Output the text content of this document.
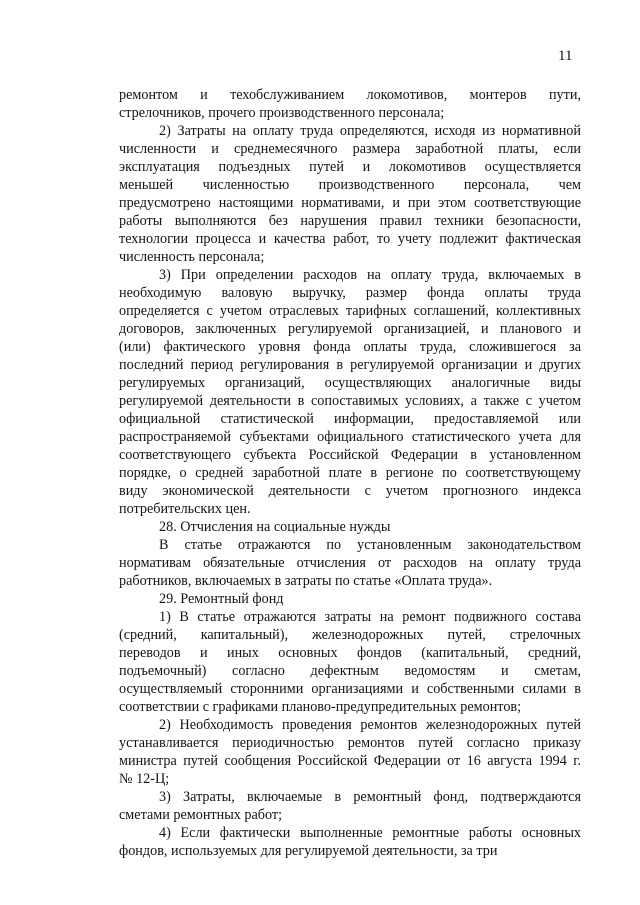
11
ремонтом и техобслуживанием локомотивов, монтеров пути,
стрелочников, прочего производственного персонала;
2) Затраты на оплату труда определяются, исходя из нормативной
численности и среднемесячного размера заработной платы, если
эксплуатация подъездных путей и локомотивов осуществляется
меньшей численностью производственного персонала, чем
предусмотрено настоящими нормативами, и при этом соответствующие
работы выполняются без нарушения правил техники безопасности,
технологии процесса и качества работ, то учету подлежит фактическая
численность персонала;
3) При определении расходов на оплату труда, включаемых в
необходимую валовую выручку, размер фонда оплаты труда
определяется с учетом отраслевых тарифных соглашений, коллективных
договоров, заключенных регулируемой организацией, и планового и
(или) фактического уровня фонда оплаты труда, сложившегося за
последний период регулирования в регулируемой организации и других
регулируемых организаций, осуществляющих аналогичные виды
регулируемой деятельности в сопоставимых условиях, а также с учетом
официальной статистической информации, предоставляемой или
распространяемой субъектами официального статистического учета для
соответствующего субъекта Российской Федерации в установленном
порядке, о средней заработной плате в регионе по соответствующему
виду экономической деятельности с учетом прогнозного индекса
потребительских цен.
28. Отчисления на социальные нужды
В статье отражаются по установленным законодательством
нормативам обязательные отчисления от расходов на оплату труда
работников, включаемых в затраты по статье «Оплата труда».
29. Ремонтный фонд
1) В статье отражаются затраты на ремонт подвижного состава
(средний, капитальный), железнодорожных путей, стрелочных
переводов и иных основных фондов (капитальный, средний,
подъемочный) согласно дефектным ведомостям и сметам,
осуществляемый сторонними организациями и собственными силами в
соответствии с графиками планово-предупредительных ремонтов;
2) Необходимость проведения ремонтов железнодорожных путей
устанавливается периодичностью ремонтов путей согласно приказу
министра путей сообщения Российской Федерации от 16 августа 1994 г.
№ 12-Ц;
3) Затраты, включаемые в ремонтный фонд, подтверждаются
сметами ремонтных работ;
4) Если фактически выполненные ремонтные работы основных
фондов, используемых для регулируемой деятельности, за три
